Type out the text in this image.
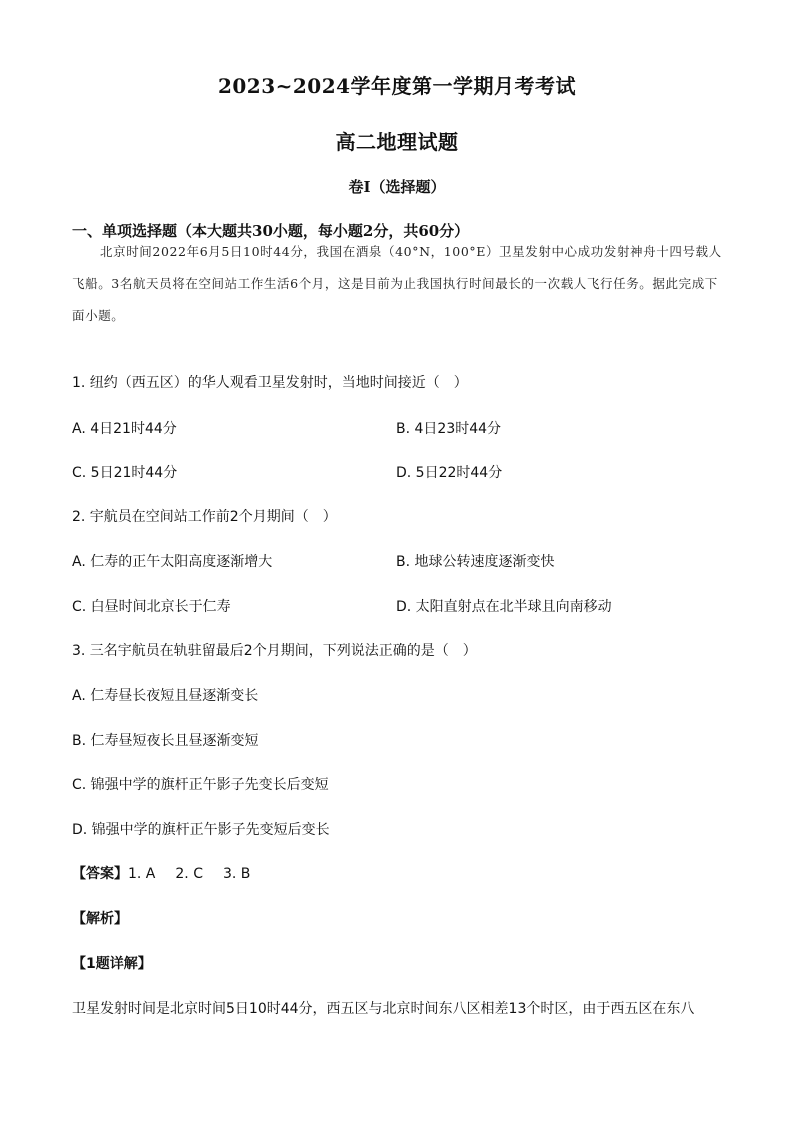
2023~2024学年度第一学期月考考试
高二地理试题
卷I（选择题）
一、单项选择题（本大题共30小题，每小题2分，共60分）
北京时间2022年6月5日10时44分，我国在酒泉（40°N，100°E）卫星发射中心成功发射神舟十四号载人飞船。3名航天员将在空间站工作生活6个月，这是目前为止我国执行时间最长的一次载人飞行任务。据此完成下面小题。
1. 纽约（西五区）的华人观看卫星发射时，当地时间接近（　）
A. 4日21时44分	B. 4日23时44分
C. 5日21时44分	D. 5日22时44分
2. 宇航员在空间站工作前2个月期间（　）
A. 仁寿的正午太阳高度逐渐增大	B. 地球公转速度逐渐变快
C. 白昼时间北京长于仁寿	D. 太阳直射点在北半球且向南移动
3. 三名宇航员在轨驻留最后2个月期间，下列说法正确的是（　）
A. 仁寿昼长夜短且昼逐渐变长
B. 仁寿昼短夜长且昼逐渐变短
C. 锦强中学的旗杆正午影子先变长后变短
D. 锦强中学的旗杆正午影子先变短后变长
【答案】1. A 2. C 3. B
【解析】
【1题详解】
卫星发射时间是北京时间5日10时44分，西五区与北京时间东八区相差13个时区，由于西五区在东八
